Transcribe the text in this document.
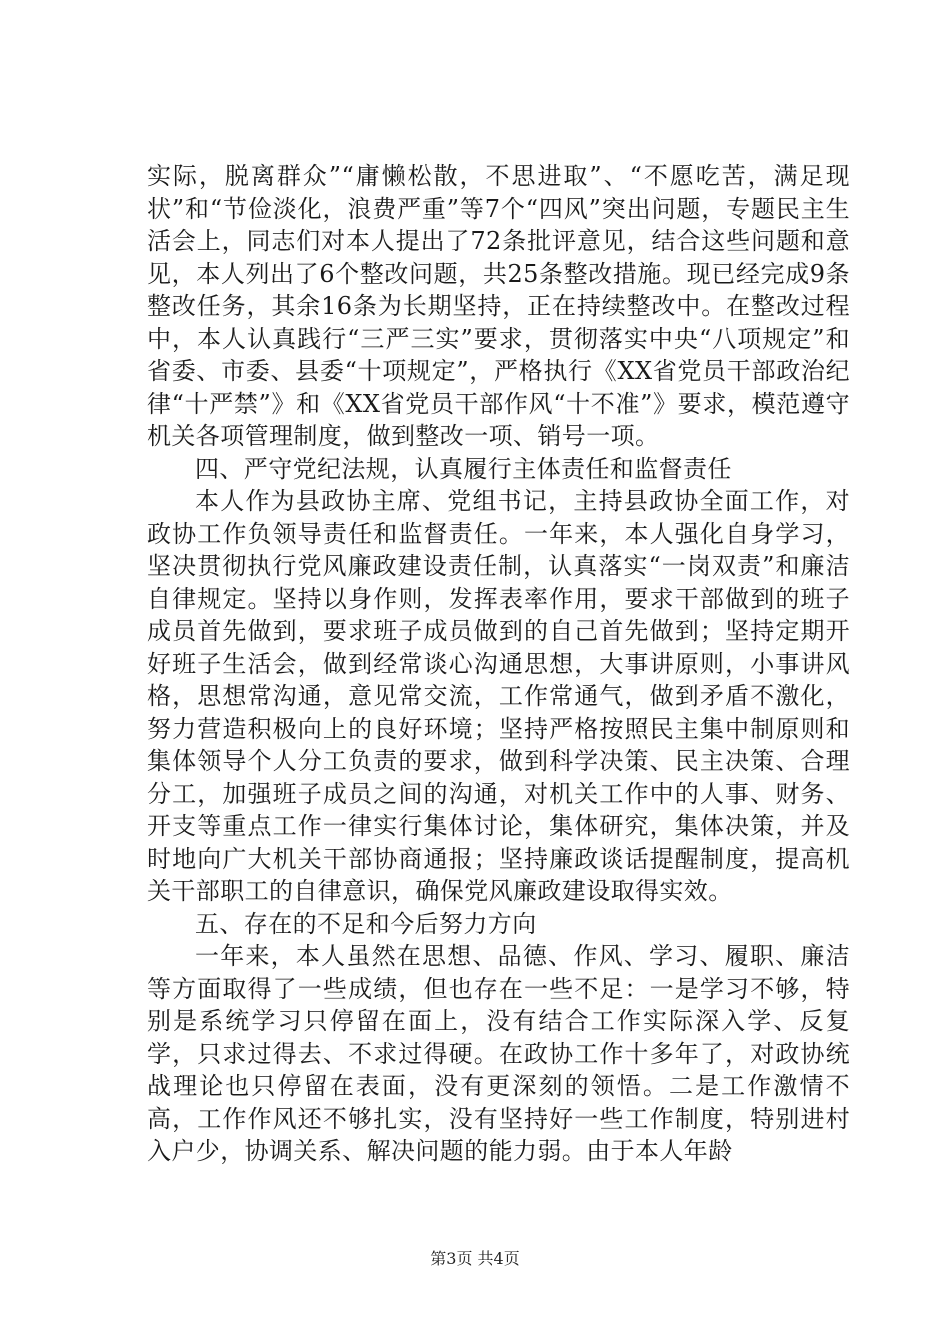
实际，脱离群众”“庸懒松散，不思进取”、“不愿吃苦，满足现状”和“节俭淡化，浪费严重”等7个“四风”突出问题，专题民主生活会上，同志们对本人提出了72条批评意见，结合这些问题和意见，本人列出了6个整改问题，共25条整改措施。现已经完成9条整改任务，其余16条为长期坚持，正在持续整改中。在整改过程中，本人认真践行“三严三实”要求，贯彻落实中央“八项规定”和省委、市委、县委“十项规定”，严格执行《XX省党员干部政治纪律“十严禁”》和《XX省党员干部作风“十不准”》要求，模范遵守机关各项管理制度，做到整改一项、销号一项。

四、严守党纪法规，认真履行主体责任和监督责任

本人作为县政协主席、党组书记，主持县政协全面工作，对政协工作负领导责任和监督责任。一年来，本人强化自身学习，坚决贯彻执行党风廉政建设责任制，认真落实“一岗双责”和廉洁自律规定。坚持以身作则，发挥表率作用，要求干部做到的班子成员首先做到，要求班子成员做到的自己首先做到；坚持定期开好班子生活会，做到经常谈心沟通思想，大事讲原则，小事讲风格，思想常沟通，意见常交流，工作常通气，做到矛盾不激化，努力营造积极向上的良好环境；坚持严格按照民主集中制原则和集体领导个人分工负责的要求，做到科学决策、民主决策、合理分工，加强班子成员之间的沟通，对机关工作中的人事、财务、开支等重点工作一律实行集体讨论，集体研究，集体决策，并及时地向广大机关干部协商通报；坚持廉政谈话提醒制度，提高机关干部职工的自律意识，确保党风廉政建设取得实效。

五、存在的不足和今后努力方向

一年来，本人虽然在思想、品德、作风、学习、履职、廉洁等方面取得了一些成绩，但也存在一些不足：一是学习不够，特别是系统学习只停留在面上，没有结合工作实际深入学、反复学，只求过得去、不求过得硬。在政协工作十多年了，对政协统战理论也只停留在表面，没有更深刻的领悟。二是工作激情不高，工作作风还不够扎实，没有坚持好一些工作制度，特别进村入户少，协调关系、解决问题的能力弱。由于本人年龄

第3页 共4页
